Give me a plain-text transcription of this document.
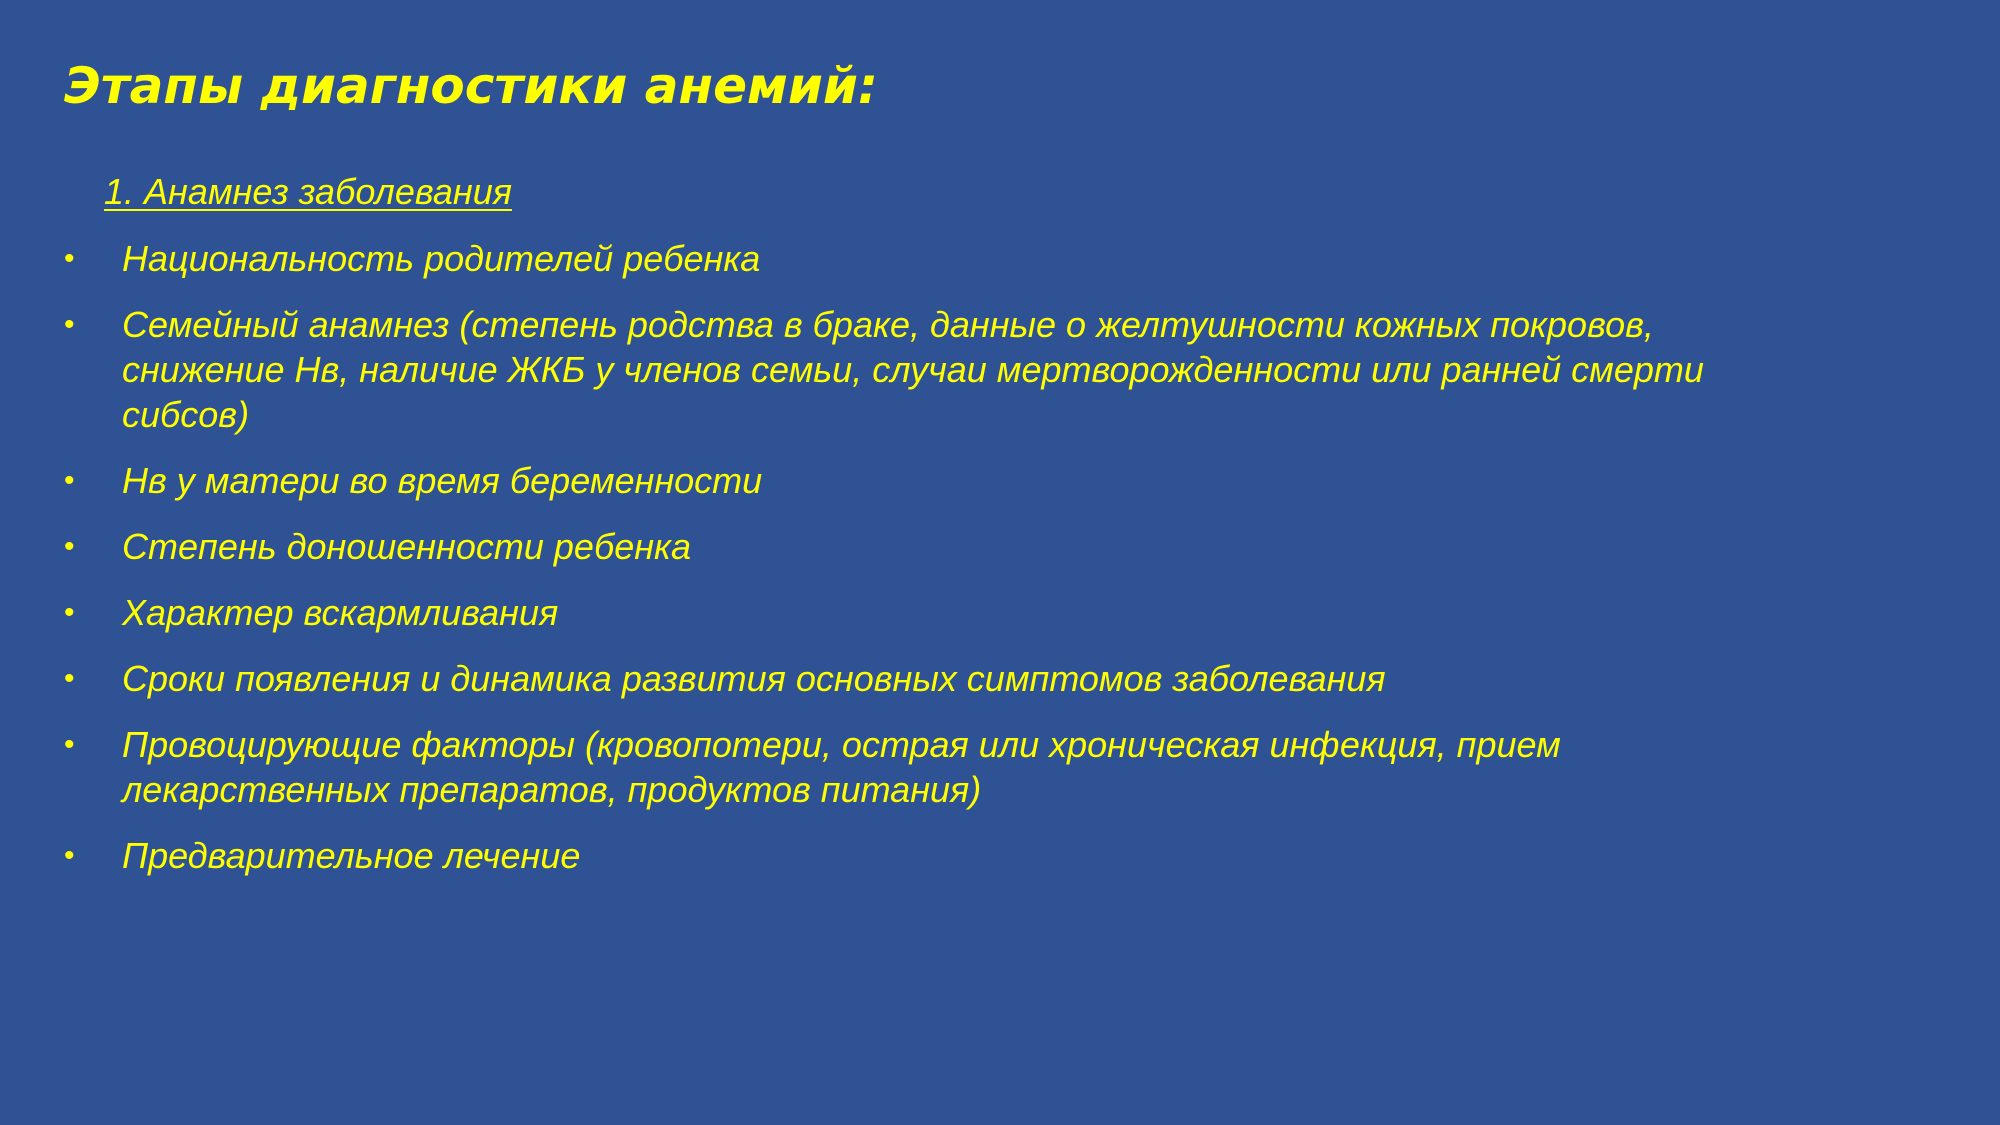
Этапы диагностики анемий:

1. Анамнез заболевания

• Национальность родителей ребенка
• Семейный анамнез (степень родства в браке, данные о желтушности кожных покровов, снижение Нв, наличие ЖКБ у членов семьи, случаи мертворожденности или ранней смерти сибсов)
• Нв у матери во время беременности
• Степень доношенности ребенка
• Характер вскармливания
• Сроки появления и динамика развития основных симптомов заболевания
• Провоцирующие факторы (кровопотери, острая или хроническая инфекция, прием лекарственных препаратов, продуктов питания)
• Предварительное лечение
